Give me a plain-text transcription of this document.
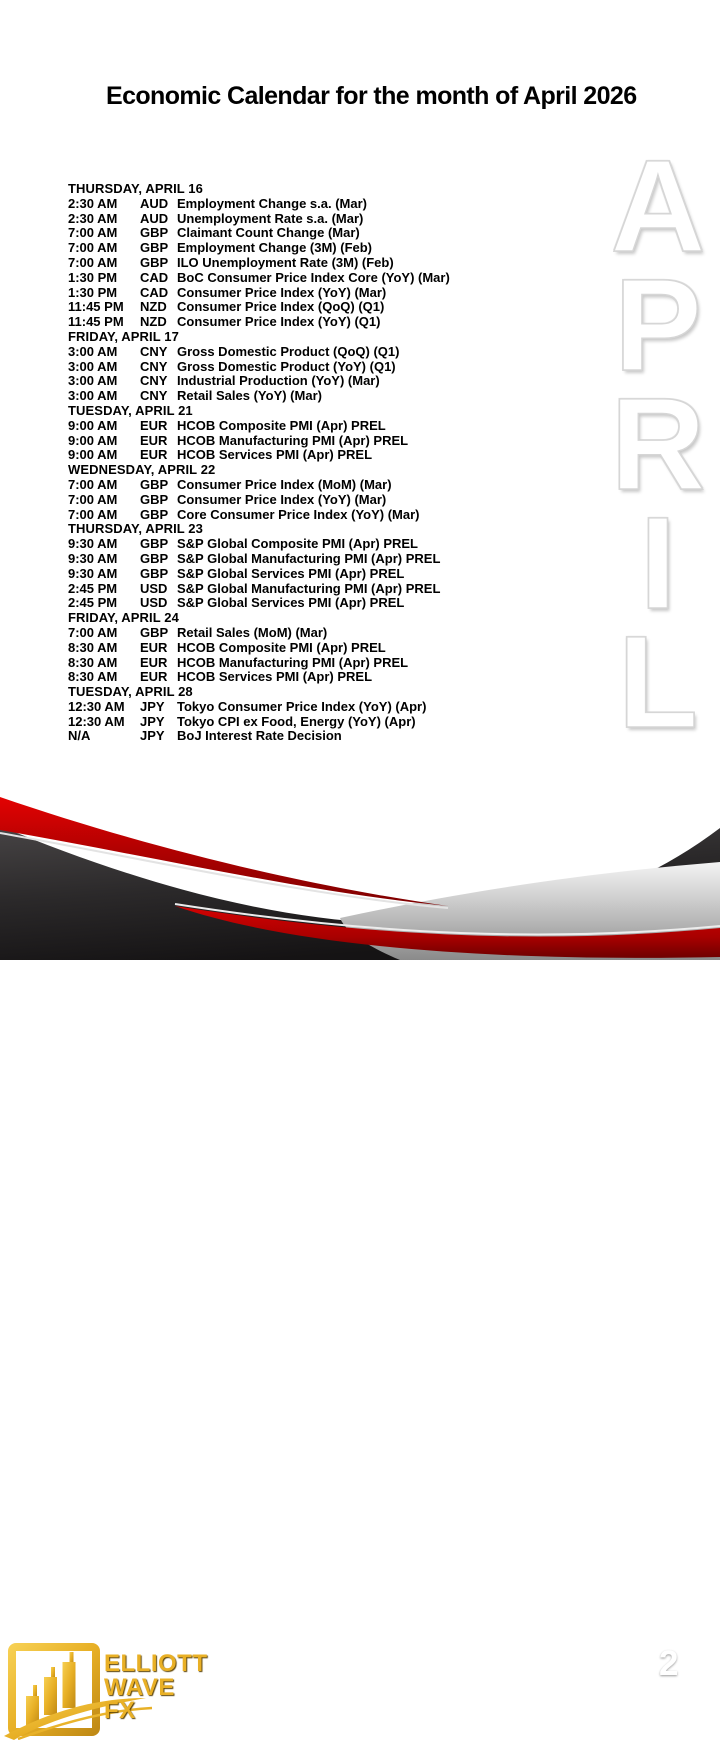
Economic Calendar for the month of April 2026
THURSDAY, APRIL 16
2:30 AM AUD Employment Change s.a. (Mar)
2:30 AM AUD Unemployment Rate s.a. (Mar)
7:00 AM GBP Claimant Count Change (Mar)
7:00 AM GBP Employment Change (3M) (Feb)
7:00 AM GBP ILO Unemployment Rate (3M) (Feb)
1:30 PM CAD BoC Consumer Price Index Core (YoY) (Mar)
1:30 PM CAD Consumer Price Index (YoY) (Mar)
11:45 PM NZD Consumer Price Index (QoQ) (Q1)
11:45 PM NZD Consumer Price Index (YoY) (Q1)
FRIDAY, APRIL 17
3:00 AM CNY Gross Domestic Product (QoQ) (Q1)
3:00 AM CNY Gross Domestic Product (YoY) (Q1)
3:00 AM CNY Industrial Production (YoY) (Mar)
3:00 AM CNY Retail Sales (YoY) (Mar)
TUESDAY, APRIL 21
9:00 AM EUR HCOB Composite PMI (Apr) PREL
9:00 AM EUR HCOB Manufacturing PMI (Apr) PREL
9:00 AM EUR HCOB Services PMI (Apr) PREL
WEDNESDAY, APRIL 22
7:00 AM GBP Consumer Price Index (MoM) (Mar)
7:00 AM GBP Consumer Price Index (YoY) (Mar)
7:00 AM GBP Core Consumer Price Index (YoY) (Mar)
THURSDAY, APRIL 23
9:30 AM GBP S&P Global Composite PMI (Apr) PREL
9:30 AM GBP S&P Global Manufacturing PMI (Apr) PREL
9:30 AM GBP S&P Global Services PMI (Apr) PREL
2:45 PM USD S&P Global Manufacturing PMI (Apr) PREL
2:45 PM USD S&P Global Services PMI (Apr) PREL
FRIDAY, APRIL 24
7:00 AM GBP Retail Sales (MoM) (Mar)
8:30 AM EUR HCOB Composite PMI (Apr) PREL
8:30 AM EUR HCOB Manufacturing PMI (Apr) PREL
8:30 AM EUR HCOB Services PMI (Apr) PREL
TUESDAY, APRIL 28
12:30 AM JPY Tokyo Consumer Price Index (YoY) (Apr)
12:30 AM JPY Tokyo CPI ex Food, Energy (YoY) (Apr)
N/A	JPY BoJ Interest Rate Decision
A
P
R
I
L
ELLIOTT
WAVE
FX
2
ELLIOTTWAVEFX.COM
